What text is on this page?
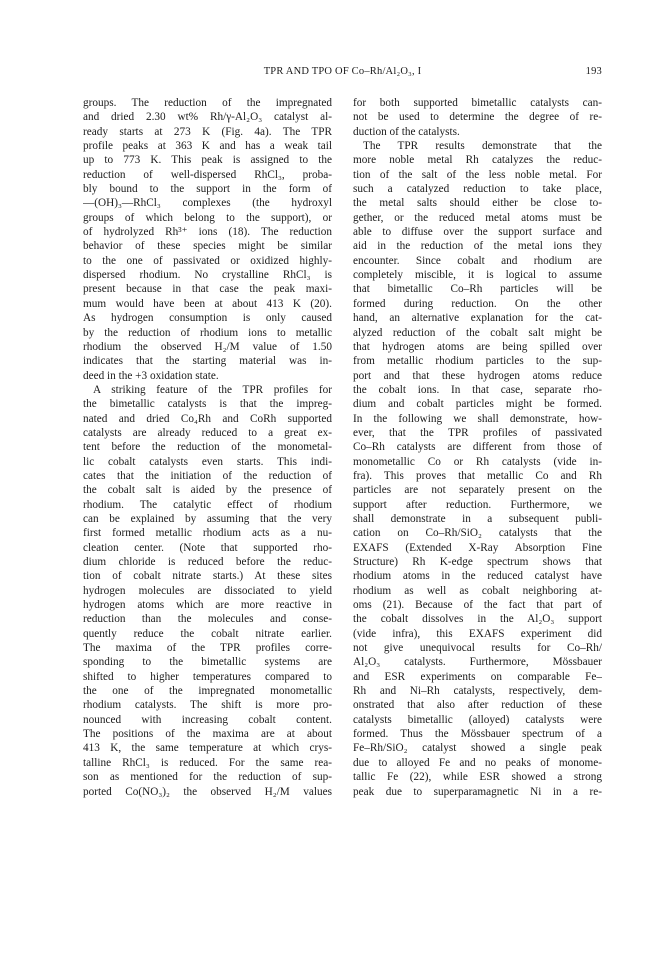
TPR AND TPO OF Co–Rh/Al₂O₃, I	193
groups. The reduction of the impregnated
and dried 2.30 wt% Rh/γ-Al₂O₃ catalyst al-
ready starts at 273 K (Fig. 4a). The TPR
profile peaks at 363 K and has a weak tail
up to 773 K. This peak is assigned to the
reduction of well-dispersed RhCl₃, proba-
bly bound to the support in the form of
—(OH)₃—RhCl₃ complexes (the hydroxyl
groups of which belong to the support), or
of hydrolyzed Rh³⁺ ions (18). The reduction
behavior of these species might be similar
to the one of passivated or oxidized highly-
dispersed rhodium. No crystalline RhCl₃ is
present because in that case the peak maxi-
mum would have been at about 413 K (20).
As hydrogen consumption is only caused
by the reduction of rhodium ions to metallic
rhodium the observed H₂/M value of 1.50
indicates that the starting material was in-
deed in the +3 oxidation state.
A striking feature of the TPR profiles for
the bimetallic catalysts is that the impreg-
nated and dried Co₄Rh and CoRh supported
catalysts are already reduced to a great ex-
tent before the reduction of the monometal-
lic cobalt catalysts even starts. This indi-
cates that the initiation of the reduction of
the cobalt salt is aided by the presence of
rhodium. The catalytic effect of rhodium
can be explained by assuming that the very
first formed metallic rhodium acts as a nu-
cleation center. (Note that supported rho-
dium chloride is reduced before the reduc-
tion of cobalt nitrate starts.) At these sites
hydrogen molecules are dissociated to yield
hydrogen atoms which are more reactive in
reduction than the molecules and conse-
quently reduce the cobalt nitrate earlier.
The maxima of the TPR profiles corre-
sponding to the bimetallic systems are
shifted to higher temperatures compared to
the one of the impregnated monometallic
rhodium catalysts. The shift is more pro-
nounced with increasing cobalt content.
The positions of the maxima are at about
413 K, the same temperature at which crys-
talline RhCl₃ is reduced. For the same rea-
son as mentioned for the reduction of sup-
ported Co(NO₃)₂ the observed H₂/M values
for both supported bimetallic catalysts can-
not be used to determine the degree of re-
duction of the catalysts.
The TPR results demonstrate that the
more noble metal Rh catalyzes the reduc-
tion of the salt of the less noble metal. For
such a catalyzed reduction to take place,
the metal salts should either be close to-
gether, or the reduced metal atoms must be
able to diffuse over the support surface and
aid in the reduction of the metal ions they
encounter. Since cobalt and rhodium are
completely miscible, it is logical to assume
that bimetallic Co–Rh particles will be
formed during reduction. On the other
hand, an alternative explanation for the cat-
alyzed reduction of the cobalt salt might be
that hydrogen atoms are being spilled over
from metallic rhodium particles to the sup-
port and that these hydrogen atoms reduce
the cobalt ions. In that case, separate rho-
dium and cobalt particles might be formed.
In the following we shall demonstrate, how-
ever, that the TPR profiles of passivated
Co–Rh catalysts are different from those of
monometallic Co or Rh catalysts (vide in-
fra). This proves that metallic Co and Rh
particles are not separately present on the
support after reduction. Furthermore, we
shall demonstrate in a subsequent publi-
cation on Co–Rh/SiO₂ catalysts that the
EXAFS (Extended X-Ray Absorption Fine
Structure) Rh K-edge spectrum shows that
rhodium atoms in the reduced catalyst have
rhodium as well as cobalt neighboring at-
oms (21). Because of the fact that part of
the cobalt dissolves in the Al₂O₃ support
(vide infra), this EXAFS experiment did
not give unequivocal results for Co–Rh/
Al₂O₃ catalysts. Furthermore, Mössbauer
and ESR experiments on comparable Fe–
Rh and Ni–Rh catalysts, respectively, dem-
onstrated that also after reduction of these
catalysts bimetallic (alloyed) catalysts were
formed. Thus the Mössbauer spectrum of a
Fe–Rh/SiO₂ catalyst showed a single peak
due to alloyed Fe and no peaks of monome-
tallic Fe (22), while ESR showed a strong
peak due to superparamagnetic Ni in a re-
